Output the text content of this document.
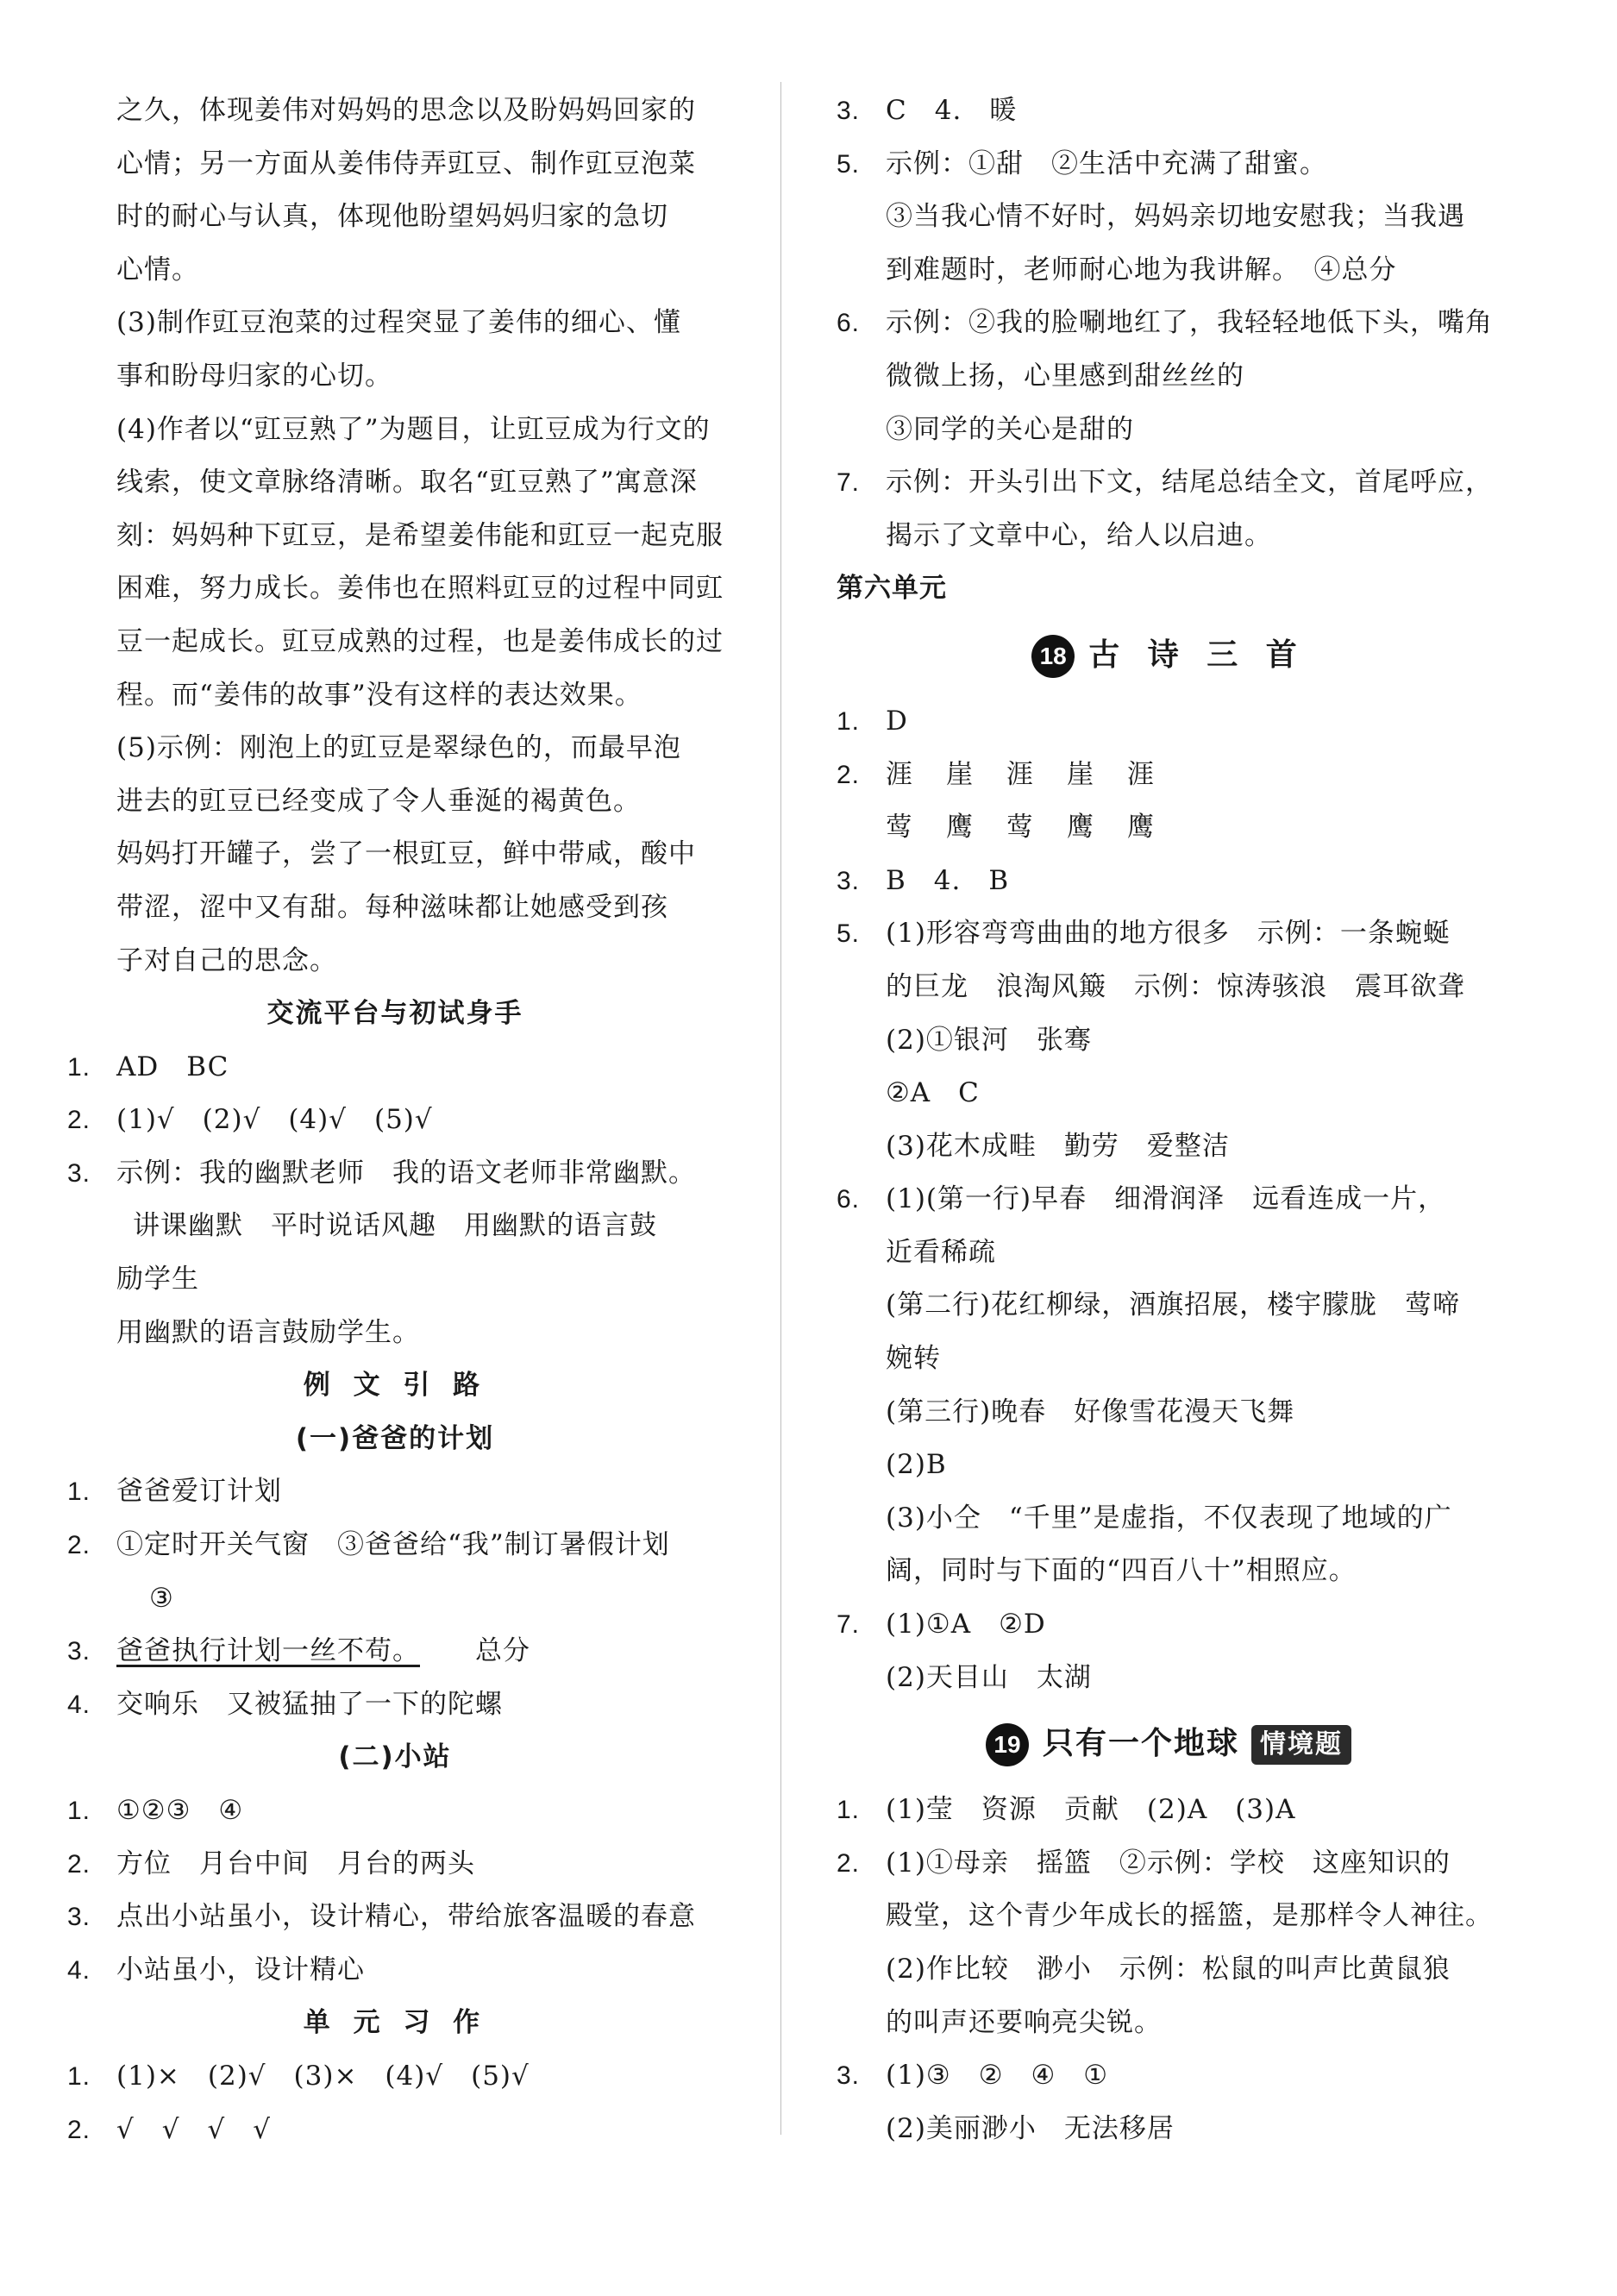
之久，体现姜伟对妈妈的思念以及盼妈妈回家的
心情；另一方面从姜伟侍弄豇豆、制作豇豆泡菜
时的耐心与认真，体现他盼望妈妈归家的急切
心情。
(3)制作豇豆泡菜的过程突显了姜伟的细心、懂
事和盼母归家的心切。
(4)作者以“豇豆熟了”为题目，让豇豆成为行文的
线索，使文章脉络清晰。取名“豇豆熟了”寓意深
刻：妈妈种下豇豆，是希望姜伟能和豇豆一起克服
困难，努力成长。姜伟也在照料豇豆的过程中同豇
豆一起成长。豇豆成熟的过程，也是姜伟成长的过
程。而“姜伟的故事”没有这样的表达效果。
(5)示例：刚泡上的豇豆是翠绿色的，而最早泡
进去的豇豆已经变成了令人垂涎的褐黄色。
妈妈打开罐子，尝了一根豇豆，鲜中带咸，酸中
带涩，涩中又有甜。每种滋味都让她感受到孩
子对自己的思念。
交流平台与初试身手
1. AD　BC
2. (1)√　(2)√　(4)√　(5)√
3. 示例：我的幽默老师　我的语文老师非常幽默。
讲课幽默　平时说话风趣　用幽默的语言鼓
励学生
用幽默的语言鼓励学生。
例 文 引 路
(一)爸爸的计划
1. 爸爸爱订计划
2. ①定时开关气窗　③爸爸给“我”制订暑假计划
③
3. 爸爸执行计划一丝不苟。 总分
4. 交响乐　又被猛抽了一下的陀螺
(二)小站
1. ①②③　④
2. 方位　月台中间　月台的两头
3. 点出小站虽小，设计精心，带给旅客温暖的春意
4. 小站虽小，设计精心
单 元 习 作
1. (1)×　(2)√　(3)×　(4)√　(5)√
2. √　√　√　√
3. C　4.　暖
5. 示例：①甜　②生活中充满了甜蜜。
③当我心情不好时，妈妈亲切地安慰我；当我遇
到难题时，老师耐心地为我讲解。　④总分
6. 示例：②我的脸唰地红了，我轻轻地低下头，嘴角
微微上扬，心里感到甜丝丝的
③同学的关心是甜的
7. 示例：开头引出下文，结尾总结全文，首尾呼应，
揭示了文章中心，给人以启迪。
第六单元
18 古 诗 三 首
1. D
2. 涯　崖　涯　崖　涯
莺　鹰　莺　鹰　鹰
3. B　4.　B
5. (1)形容弯弯曲曲的地方很多　示例：一条蜿蜒
的巨龙　浪淘风簸　示例：惊涛骇浪　震耳欲聋
(2)①银河　张骞
②A　C
(3)花木成畦　勤劳　爱整洁
6. (1)(第一行)早春　细滑润泽　远看连成一片，
近看稀疏
(第二行)花红柳绿，酒旗招展，楼宇朦胧　莺啼
婉转
(第三行)晚春　好像雪花漫天飞舞
(2)B
(3)小仝　“千里”是虚指，不仅表现了地域的广
阔，同时与下面的“四百八十”相照应。
7. (1)①A　②D
(2)天目山　太湖
19 只有一个地球 情境题
1. (1)莹　资源　贡献　(2)A　(3)A
2. (1)①母亲　摇篮　②示例：学校　这座知识的
殿堂，这个青少年成长的摇篮，是那样令人神往。
(2)作比较　渺小　示例：松鼠的叫声比黄鼠狼
的叫声还要响亮尖锐。
3. (1)③　②　④　①
(2)美丽渺小　无法移居
